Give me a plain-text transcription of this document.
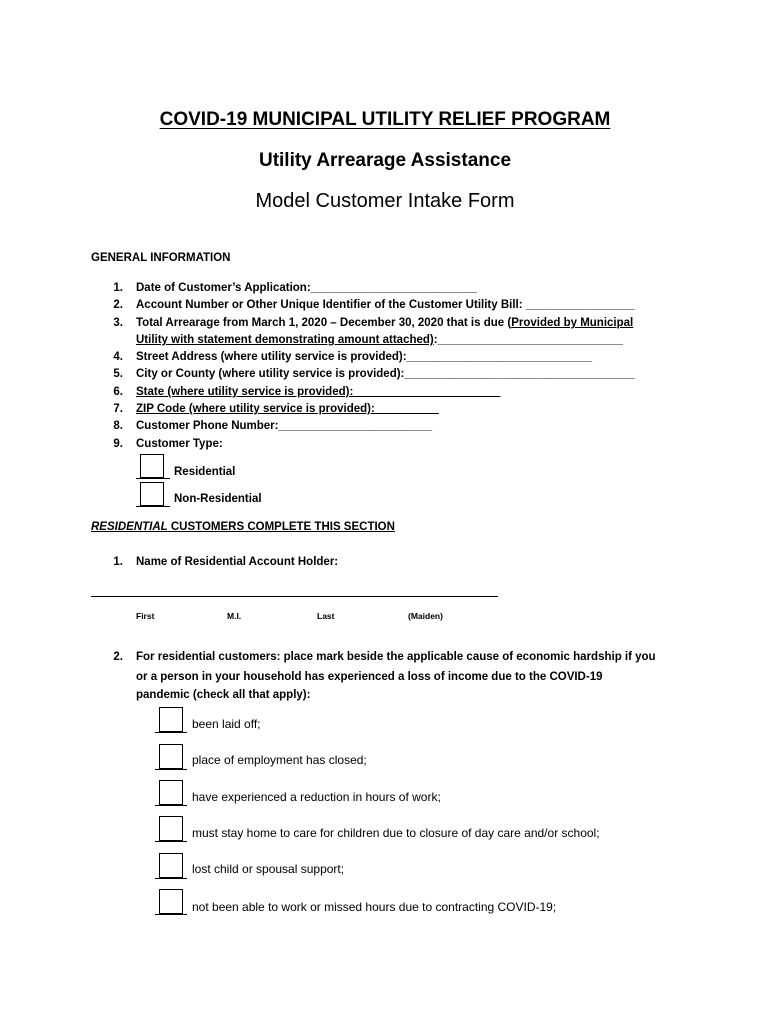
COVID-19 MUNICIPAL UTILITY RELIEF PROGRAM
Utility Arrearage Assistance
Model Customer Intake Form
GENERAL INFORMATION
1. Date of Customer’s Application:__________________________
2. Account Number or Other Unique Identifier of the Customer Utility Bill: _________________
3. Total Arrearage from March 1, 2020 – December 30, 2020 that is due (Provided by Municipal
Utility with statement demonstrating amount attached):_____________________________
4. Street Address (where utility service is provided):_____________________________
5. City or County (where utility service is provided):____________________________________
6. State (where utility service is provided):_______________________
7. ZIP Code (where utility service is provided):__________
8. Customer Phone Number:________________________
9. Customer Type:
Residential
Non-Residential
RESIDENTIAL CUSTOMERS COMPLETE THIS SECTION
1. Name of Residential Account Holder:
First	M.I.	Last	(Maiden)
2. For residential customers: place mark beside the applicable cause of economic hardship if you
or a person in your household has experienced a loss of income due to the COVID-19
pandemic (check all that apply):
been laid off;
place of employment has closed;
have experienced a reduction in hours of work;
must stay home to care for children due to closure of day care and/or school;
lost child or spousal support;
not been able to work or missed hours due to contracting COVID-19;
